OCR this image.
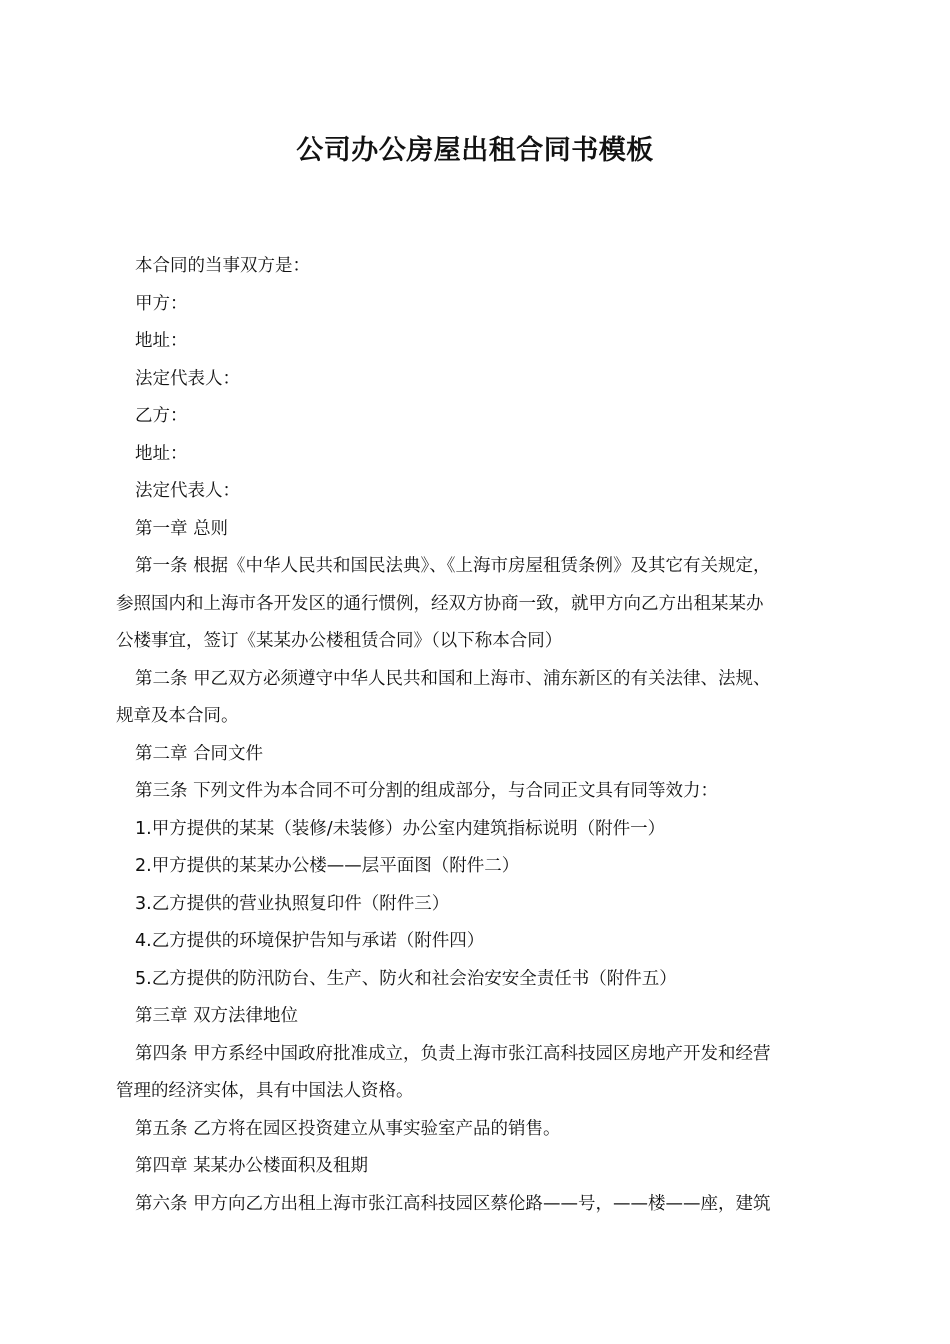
公司办公房屋出租合同书模板

本合同的当事双方是：

甲方：

地址：

法定代表人：

乙方：

地址：

法定代表人：

第一章 总则

第一条 根据《中华人民共和国民法典》、《上海市房屋租赁条例》及其它有关规定，

参照国内和上海市各开发区的通行惯例，经双方协商一致，就甲方向乙方出租某某办

公楼事宜，签订《某某办公楼租赁合同》（以下称本合同）

第二条 甲乙双方必须遵守中华人民共和国和上海市、浦东新区的有关法律、法规、

规章及本合同。

第二章 合同文件

第三条 下列文件为本合同不可分割的组成部分，与合同正文具有同等效力：

1.甲方提供的某某（装修/未装修）办公室内建筑指标说明（附件一）

2.甲方提供的某某办公楼——层平面图（附件二）

3.乙方提供的营业执照复印件（附件三）

4.乙方提供的环境保护告知与承诺（附件四）

5.乙方提供的防汛防台、生产、防火和社会治安安全责任书（附件五）

第三章 双方法律地位

第四条 甲方系经中国政府批准成立，负责上海市张江高科技园区房地产开发和经营

管理的经济实体，具有中国法人资格。

第五条 乙方将在园区投资建立从事实验室产品的销售。

第四章 某某办公楼面积及租期

第六条 甲方向乙方出租上海市张江高科技园区蔡伦路——号，——楼——座，建筑
